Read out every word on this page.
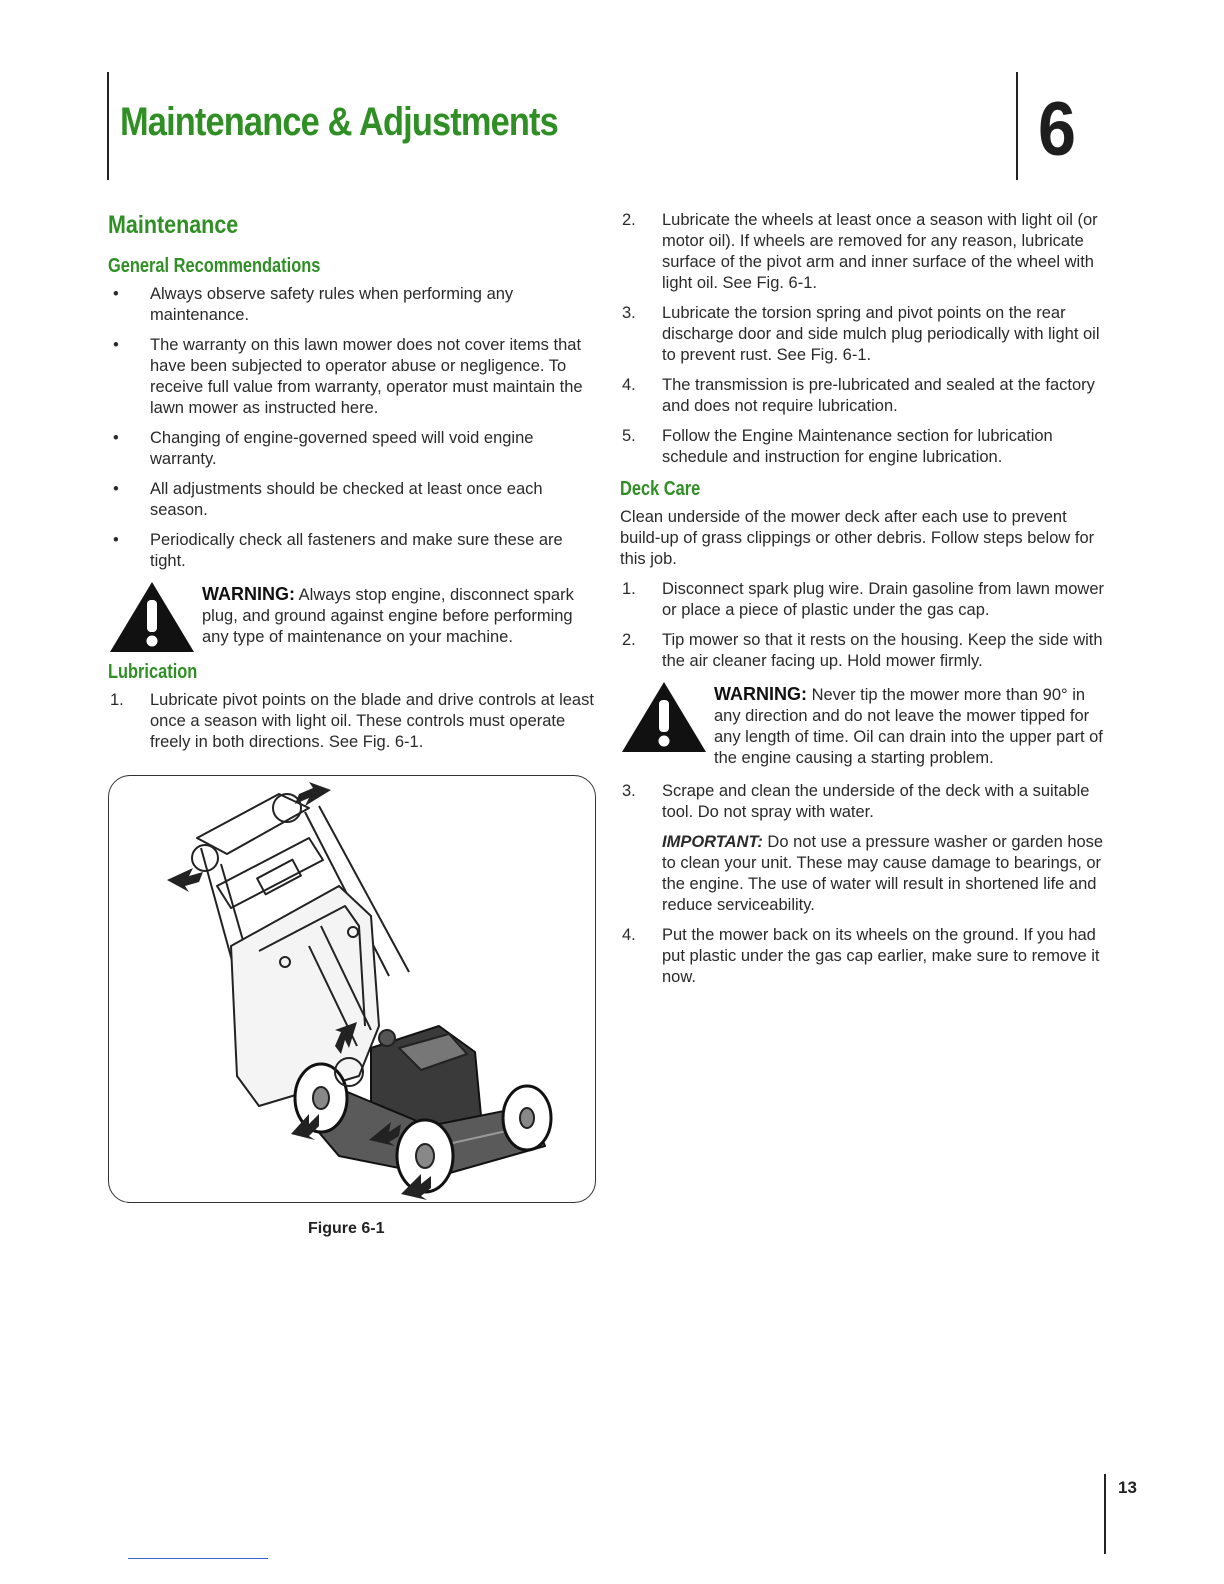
Maintenance & Adjustments	6
Maintenance
General Recommendations
• Always observe safety rules when performing any maintenance.
• The warranty on this lawn mower does not cover items that have been subjected to operator abuse or negligence. To receive full value from warranty, operator must maintain the lawn mower as instructed here.
• Changing of engine-governed speed will void engine warranty.
• All adjustments should be checked at least once each season.
• Periodically check all fasteners and make sure these are tight.
WARNING: Always stop engine, disconnect spark plug, and ground against engine before performing any type of maintenance on your machine.
Lubrication
1. Lubricate pivot points on the blade and drive controls at least once a season with light oil. These controls must operate freely in both directions. See Fig. 6-1.
Figure 6-1
2. Lubricate the wheels at least once a season with light oil (or motor oil). If wheels are removed for any reason, lubricate surface of the pivot arm and inner surface of the wheel with light oil. See Fig. 6-1.
3. Lubricate the torsion spring and pivot points on the rear discharge door and side mulch plug periodically with light oil to prevent rust. See Fig. 6-1.
4. The transmission is pre-lubricated and sealed at the factory and does not require lubrication.
5. Follow the Engine Maintenance section for lubrication schedule and instruction for engine lubrication.
Deck Care
Clean underside of the mower deck after each use to prevent build-up of grass clippings or other debris. Follow steps below for this job.
1. Disconnect spark plug wire. Drain gasoline from lawn mower or place a piece of plastic under the gas cap.
2. Tip mower so that it rests on the housing. Keep the side with the air cleaner facing up. Hold mower firmly.
WARNING: Never tip the mower more than 90° in any direction and do not leave the mower tipped for any length of time. Oil can drain into the upper part of the engine causing a starting problem.
3. Scrape and clean the underside of the deck with a suitable tool. Do not spray with water.
IMPORTANT: Do not use a pressure washer or garden hose to clean your unit. These may cause damage to bearings, or the engine. The use of water will result in shortened life and reduce serviceability.
4. Put the mower back on its wheels on the ground. If you had put plastic under the gas cap earlier, make sure to remove it now.
13
